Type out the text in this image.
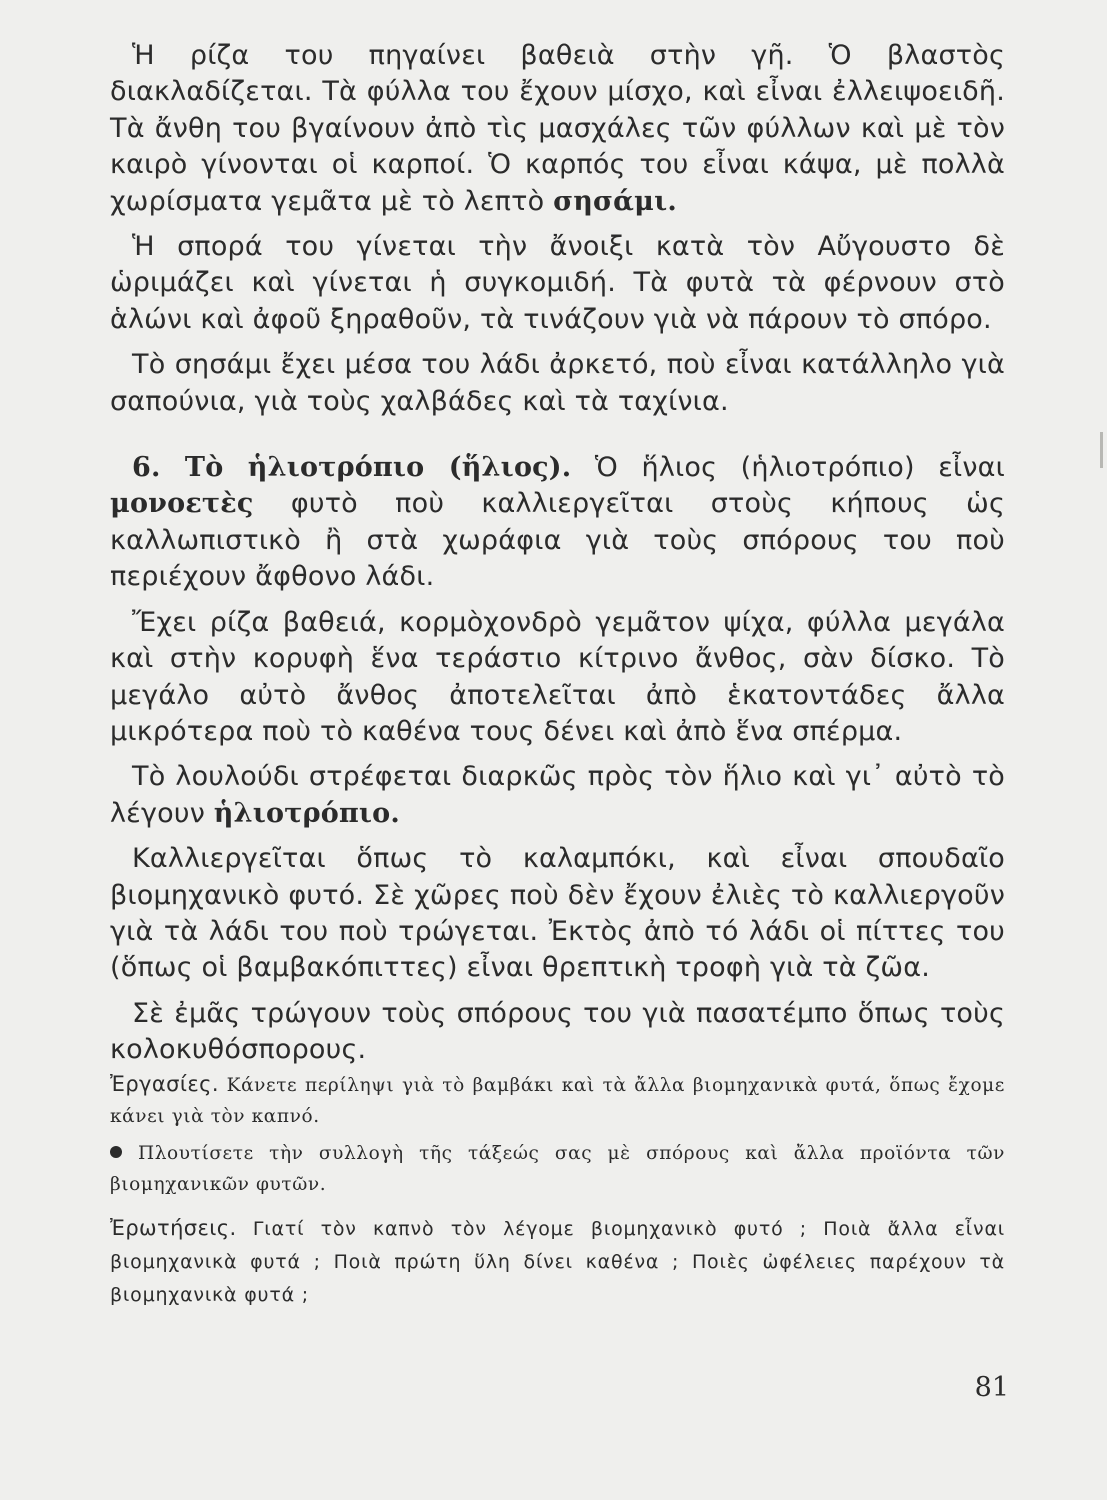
Ἡ ρίζα του πηγαίνει βαθειὰ στὴν γῆ. Ὁ βλαστὸς διακλαδίζεται. Τὰ φύλλα του ἔχουν μίσχο, καὶ εἶναι ἐλλειψοειδῆ. Τὰ ἄνθη του βγαίνουν ἀπὸ τὶς μασχάλες τῶν φύλλων καὶ μὲ τὸν καιρὸ γίνονται οἱ καρποί. Ὁ καρπός του εἶναι κάψα, μὲ πολλὰ χωρίσματα γεμᾶτα μὲ τὸ λεπτὸ σησάμι.

Ἡ σπορά του γίνεται τὴν ἄνοιξι κατὰ τὸν Αὔγουστο δὲ ὡριμάζει καὶ γίνεται ἡ συγκομιδή. Τὰ φυτὰ τὰ φέρνουν στὸ ἁλώνι καὶ ἀφοῦ ξηραθοῦν, τὰ τινάζουν γιὰ νὰ πάρουν τὸ σπόρο.

Τὸ σησάμι ἔχει μέσα του λάδι ἀρκετό, ποὺ εἶναι κατάλληλο γιὰ σαπούνια, γιὰ τοὺς χαλβάδες καὶ τὰ ταχίνια.

6. Τὸ ἡλιοτρόπιο (ἥλιος). Ὁ ἥλιος (ἡλιοτρόπιο) εἶναι μονοετὲς φυτὸ ποὺ καλλιεργεῖται στοὺς κήπους ὡς καλλωπιστικὸ ἢ στὰ χωράφια γιὰ τοὺς σπόρους του ποὺ περιέχουν ἄφθονο λάδι.

Ἔχει ρίζα βαθειά, κορμὸχονδρὸ γεμᾶτον ψίχα, φύλλα μεγάλα καὶ στὴν κορυφὴ ἕνα τεράστιο κίτρινο ἄνθος, σὰν δίσκο. Τὸ μεγάλο αὐτὸ ἄνθος ἀποτελεῖται ἀπὸ ἑκατοντάδες ἄλλα μικρότερα ποὺ τὸ καθένα τους δένει καὶ ἀπὸ ἕνα σπέρμα.

Τὸ λουλούδι στρέφεται διαρκῶς πρὸς τὸν ἥλιο καὶ γι᾿ αὐτὸ τὸ λέγουν ἡλιοτρόπιο.

Καλλιεργεῖται ὅπως τὸ καλαμπόκι, καὶ εἶναι σπουδαῖο βιομηχανικὸ φυτό. Σὲ χῶρες ποὺ δὲν ἔχουν ἐλιὲς τὸ καλλιεργοῦν γιὰ τὰ λάδι του ποὺ τρώγεται. Ἐκτὸς ἀπὸ τό λάδι οἱ πίττες του (ὅπως οἱ βαμβακόπιττες) εἶναι θρεπτικὴ τροφὴ γιὰ τὰ ζῶα.

Σὲ ἐμᾶς τρώγουν τοὺς σπόρους του γιὰ πασατέμπο ὅπως τοὺς κολοκυθόσπορους.

Ἐργασίες. Κάνετε περίληψι γιὰ τὸ βαμβάκι καὶ τὰ ἄλλα βιομηχανικὰ φυτά, ὅπως ἔχομε κάνει γιὰ τὸν καπνό.

Πλουτίσετε τὴν συλλογὴ τῆς τάξεώς σας μὲ σπόρους καὶ ἄλλα προϊόντα τῶν βιομηχανικῶν φυτῶν.

Ἐρωτήσεις. Γιατί τὸν καπνὸ τὸν λέγομε βιομηχανικὸ φυτό ; Ποιὰ ἄλλα εἶναι βιομηχανικὰ φυτά ; Ποιὰ πρώτη ὕλη δίνει καθένα ; Ποιὲς ὠφέλειες παρέχουν τὰ βιομηχανικὰ φυτά ;

81
